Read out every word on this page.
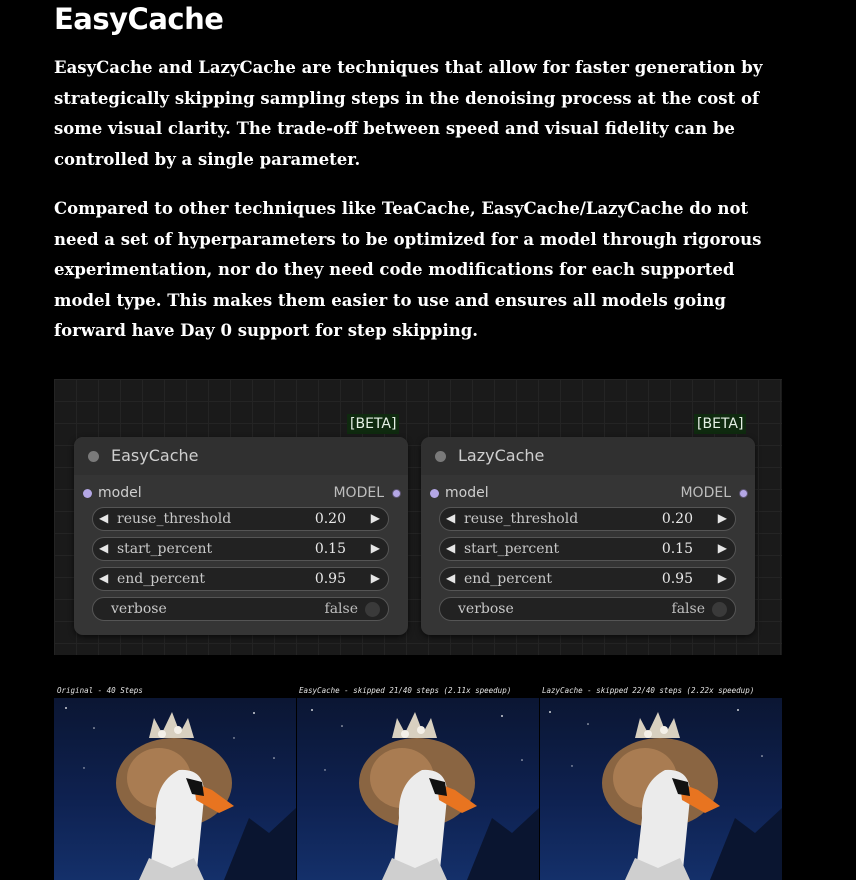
EasyCache

EasyCache and LazyCache are techniques that allow for faster generation by strategically skipping sampling steps in the denoising process at the cost of some visual clarity. The trade-off between speed and visual fidelity can be controlled by a single parameter.

Compared to other techniques like TeaCache, EasyCache/LazyCache do not need a set of hyperparameters to be optimized for a model through rigorous experimentation, nor do they need code modifications for each supported model type. This makes them easier to use and ensures all models going forward have Day 0 support for step skipping.

[BETA]
EasyCache
model	MODEL
◀ reuse_threshold	0.20 ▶
◀ start_percent	0.15 ▶
◀ end_percent	0.95 ▶
verbose	false
[BETA]
LazyCache
model	MODEL
◀ reuse_threshold	0.20 ▶
◀ start_percent	0.15 ▶
◀ end_percent	0.95 ▶
verbose	false
Original - 40 Steps	EasyCache - skipped 21/40 steps (2.11x speedup)	LazyCache - skipped 22/40 steps (2.22x speedup)
